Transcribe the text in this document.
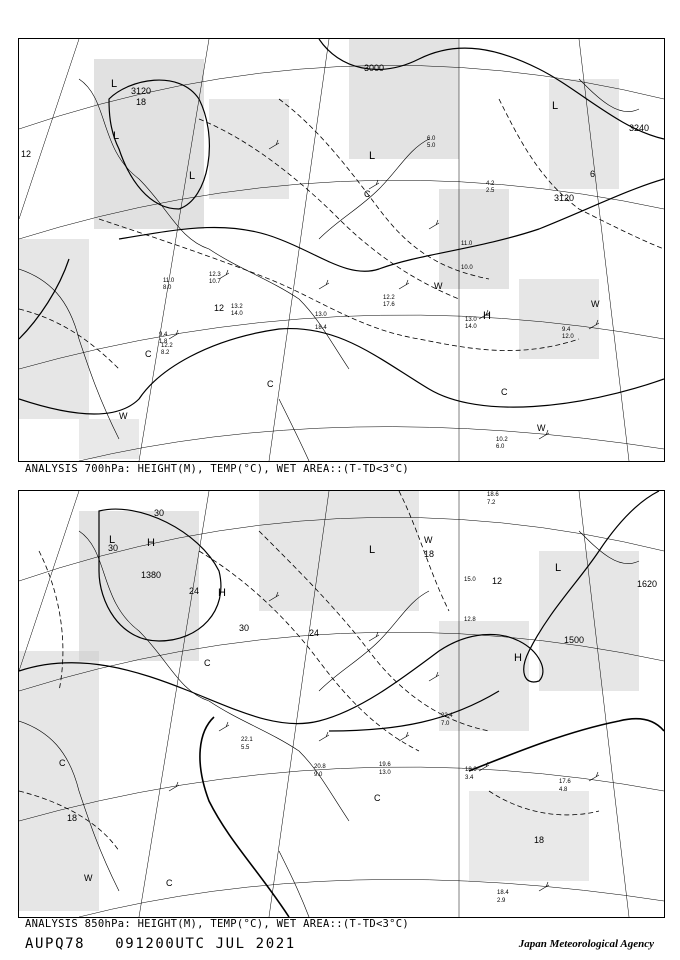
3000
3120
3120
3240
12
18
6
12
L
L
L
L
L
H
W
W
W
W
C
C
C
C
13.0
14.0	9.4
12.0
10.2
6.0
12.2
8.2
11.0
8.0
12.3
10.7
13.2
14.0
6.0
5.0
4.2
2.5
10.0
11.0
9.4
1.8
12.2
17.6
13.0
18.4
ANALYSIS 700hPa: HEIGHT(M), TEMP(°C), WET AREA::(T-TD<3°C)
1380
1500
1620
30
30
24
30	24
18
12
18
18
L
L
L
H
H
H
W
W
C
C
C
C
17.6
4.8
18.4
2.9
18.9
3.4
22.4
7.0
20.8
9.0
22.1
5.5
19.6
13.0
15.0
12.8
18.6
7.2
ANALYSIS 850hPa: HEIGHT(M), TEMP(°C), WET AREA::(T-TD<3°C)
AUPQ78 091200UTC JUL 2021	Japan Meteorological Agency
